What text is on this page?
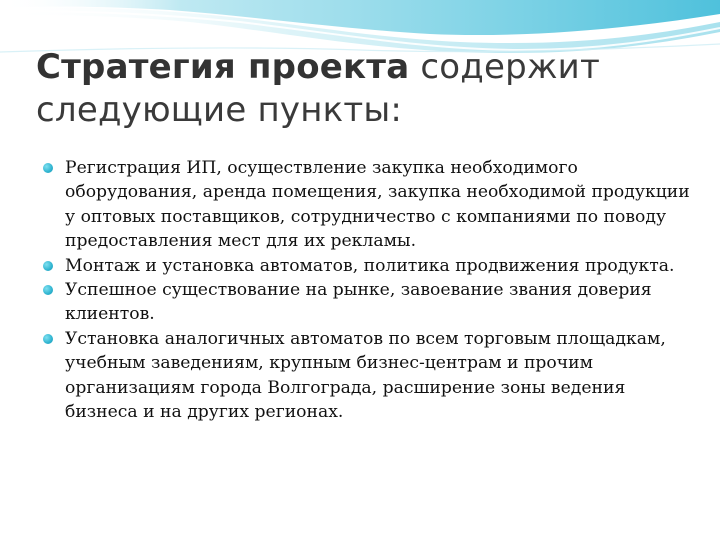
Стратегия проекта содержит
следующие пункты:
Регистрация ИП, осуществление закупка необходимого оборудования, аренда помещения, закупка необходимой продукции у оптовых поставщиков, сотрудничество с компаниями по поводу предоставления мест для их рекламы.
Монтаж и установка автоматов, политика продвижения продукта.
Успешное существование на рынке, завоевание звания доверия клиентов.
Установка аналогичных автоматов по всем торговым площадкам, учебным заведениям, крупным бизнес-центрам и прочим организациям города Волгограда, расширение зоны ведения бизнеса и на других регионах.
